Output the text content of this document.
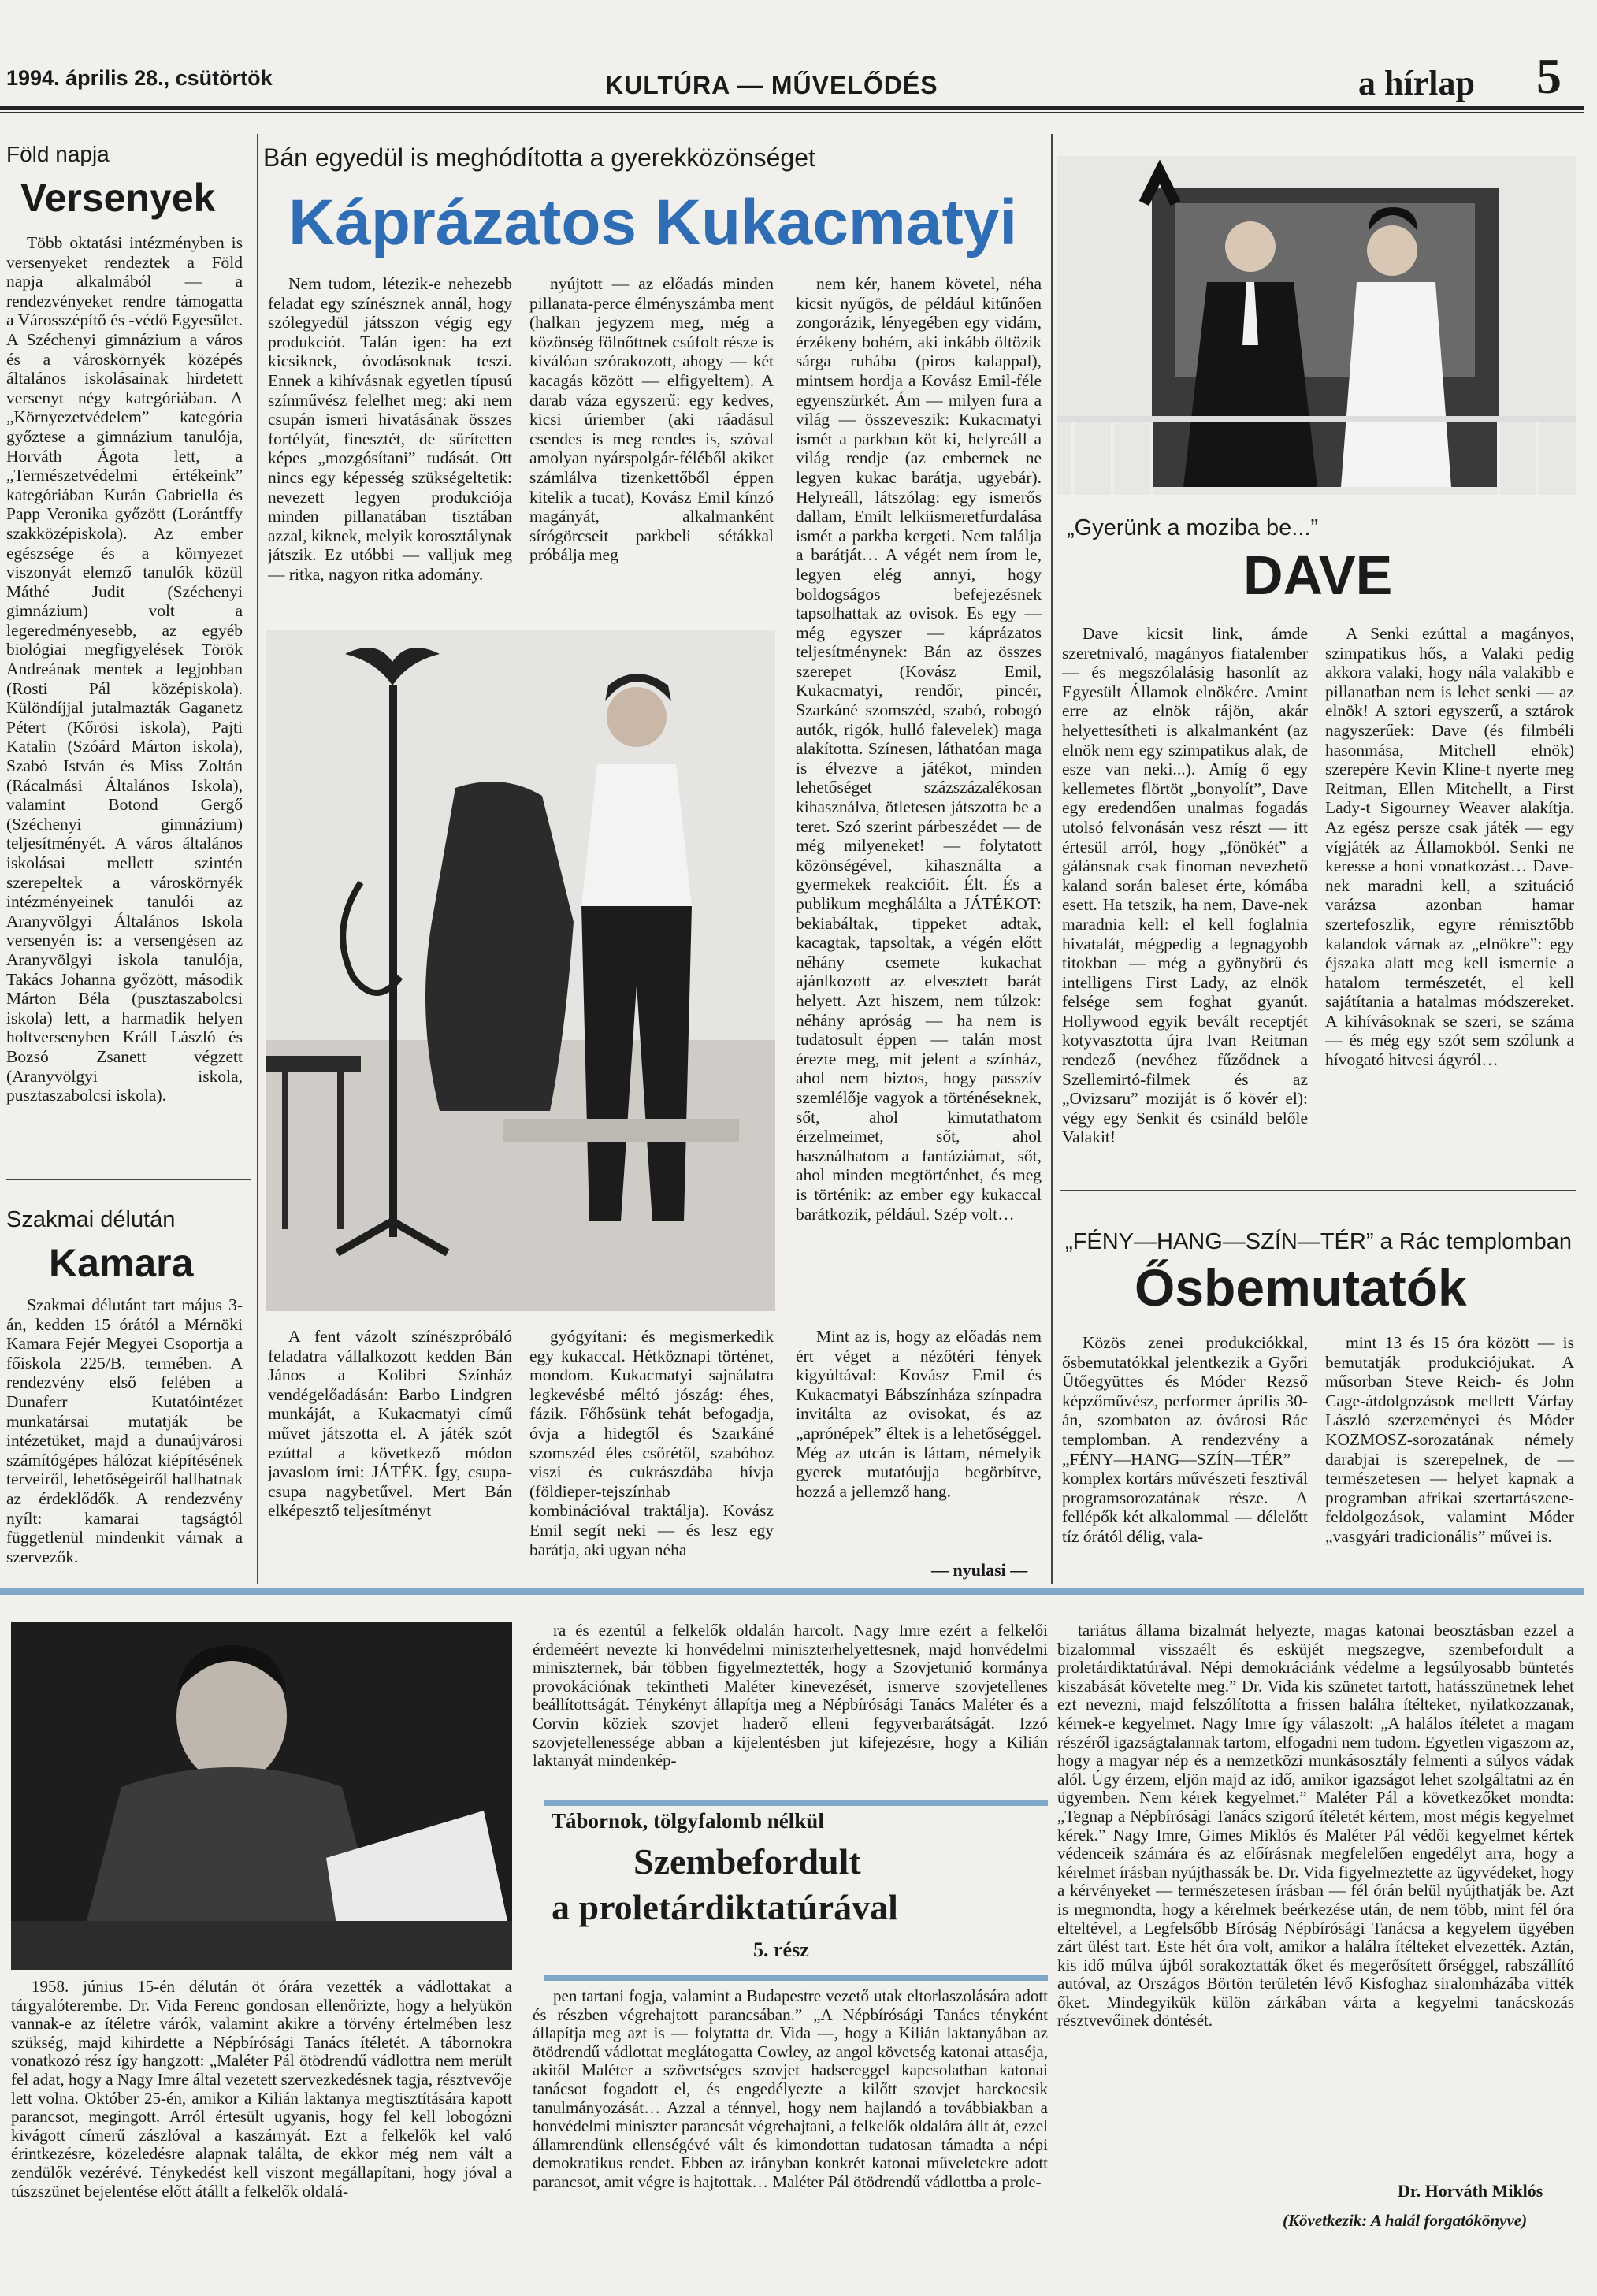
1994. április 28., csütörtök	KULTÚRA — MŰVELŐDÉS	a hírlap 5
Föld napja
Versenyek

Több oktatási intézményben is versenyeket rendeztek a Föld napja alkalmából — a rendezvényeket rendre támogatta a Városszépítő és -védő Egyesület. A Széchenyi gimnázium a város és a városkörnyék középés általános iskolásainak hirdetett versenyt négy kategóriában. A „Környezetvédelem” kategória győztese a gimnázium tanulója, Horváth Ágota lett, a „Természetvédelmi értékeink” kategóriában Kurán Gabriella és Papp Veronika győzött (Lorántffy szakközépiskola). Az ember egészsége és a környezet viszonyát elemző tanulók közül Máthé Judit (Széchenyi gimnázium) volt a legeredményesebb, az egyéb biológiai megfigyelések Török Andreának mentek a legjobban (Rosti Pál középiskola). Különdíjjal jutalmazták Gaganetz Pétert (Kőrösi iskola), Pajti Katalin (Szóárd Márton iskola), Szabó István és Miss Zoltán (Rácalmási Általános Iskola), valamint Botond Gergő (Széchenyi gimnázium) teljesítményét. A város általános iskolásai mellett szintén szerepeltek a városkörnyék intézményeinek tanulói az Aranyvölgyi Általános Iskola versenyén is: a versengésen az Aranyvölgyi iskola tanulója, Takács Johanna győzött, második Márton Béla (pusztaszabolcsi iskola) lett, a harmadik helyen holtversenyben Králl László és Bozsó Zsanett végzett (Aranyvölgyi iskola, pusztaszabolcsi iskola).

Szakmai délután
Kamara

Szakmai délutánt tart május 3-án, kedden 15 órától a Mérnöki Kamara Fejér Megyei Csoportja a főiskola 225/B. termében. A rendezvény első felében a Dunaferr Kutatóintézet munkatársai mutatják be intézetüket, majd a dunaújvárosi számítógépes hálózat kiépítésének terveiről, lehetőségeiről hallhatnak az érdeklődők. A rendezvény nyílt: kamarai tagságtól függetlenül mindenkit várnak a szervezők.

Bán egyedül is meghódította a gyerekközönséget
Káprázatos Kukacmatyi

Nem tudom, létezik-e nehezebb feladat egy színésznek annál, hogy szólegyedül játsszon végig egy produkciót. Talán igen: ha ezt kicsiknek, óvodásoknak teszi. Ennek a kihívásnak egyetlen típusú színművész felelhet meg: aki nem csupán ismeri hivatásának összes fortélyát, finesztét, de sűrítetten képes „mozgósítani” tudását. Ott nincs egy képesség szükségeltetik: nevezett legyen produkciója minden pillanatában tisztában azzal, kiknek, melyik korosztálynak játszik. Ez utóbbi — valljuk meg — ritka, nagyon ritka adomány.

nyújtott — az előadás minden pillanata-perce élményszámba ment (halkan jegyzem meg, még a közönség fölnőttnek csúfolt része is kiválóan szórakozott, ahogy — két kacagás között — elfigyeltem). A darab váza egyszerű: egy kedves, kicsi úriember (aki ráadásul csendes is meg rendes is, szóval amolyan nyárspolgár-féléből akiket számlálva tizenkettőből éppen kitelik a tucat), Kovász Emil kínzó magányát, alkalmanként sírógörcseit parkbeli sétákkal próbálja meg

nem kér, hanem követel, néha kicsit nyűgös, de például kitűnően zongorázik, lényegében egy vidám, érzékeny bohém, aki inkább öltözik sárga ruhába (piros kalappal), mintsem hordja a Kovász Emil-féle egyenszürkét. Ám — milyen fura a világ — összeveszik: Kukacmatyi ismét a parkban köt ki, helyreáll a világ rendje (az embernek ne legyen kukac barátja, ugyebár). Helyreáll, látszólag: egy ismerős dallam, Emilt lelkiismeretfurdalása ismét a parkba kergeti. Nem találja a barátját… A végét nem írom le, legyen elég annyi, hogy boldogságos befejezésnek tapsolhattak az ovisok. Es egy — még egyszer — káprázatos teljesítménynek: Bán az összes szerepet (Kovász Emil, Kukacmatyi, rendőr, pincér, Szarkáné szomszéd, szabó, robogó autók, rigók, hulló falevelek) maga alakította. Színesen, láthatóan maga is élvezve a játékot, minden lehetőséget százszázalékosan kihasználva, ötletesen játszotta be a teret. Szó szerint párbeszédet — de még milyeneket! — folytatott közönségével, kihasználta a gyermekek reakcióit. Élt. És a publikum meghálálta a JÁTÉKOT: bekiabáltak, tippeket adtak, kacagtak, tapsoltak, a végén előtt néhány csemete kukachat ajánlkozott az elvesztett barát helyett. Azt hiszem, nem túlzok: néhány apróság — ha nem is tudatosult éppen — talán most érezte meg, mit jelent a színház, ahol nem biztos, hogy passzív szemlélője vagyok a történéseknek, sőt, ahol kimutathatom érzelmeimet, sőt, ahol használhatom a fantáziámat, sőt, ahol minden megtörténhet, és meg is történik: az ember egy kukaccal barátkozik, például. Szép volt…

A fent vázolt színészpróbáló feladatra vállalkozott kedden Bán János a Kolibri Színház vendégelőadásán: Barbo Lindgren munkáját, a Kukacmatyi című művet játszotta el. A játék szót ezúttal a következő módon javaslom írni: JÁTÉK. Így, csupa-csupa nagybetűvel. Mert Bán elképesztő teljesítményt

gyógyítani: és megismerkedik egy kukaccal. Hétköznapi történet, mondom. Kukacmatyi sajnálatra legkevésbé méltó jószág: éhes, fázik. Főhősünk tehát befogadja, óvja a hidegtől és Szarkáné szomszéd éles csőrétől, szabóhoz viszi és cukrászdába hívja (földieper-tejszínhab kombinációval traktálja). Kovász Emil segít neki — és lesz egy barátja, aki ugyan néha

Mint az is, hogy az előadás nem ért véget a nézőtéri fények kigyúltával: Kovász Emil és Kukacmatyi Bábszínháza színpadra invitálta az ovisokat, és az „aprónépek” éltek is a lehetőséggel. Még az utcán is láttam, némelyik gyerek mutatóujja begörbítve, hozzá a jellemző hang.

— nyulasi —
„Gyerünk a moziba be...”
DAVE

Dave kicsit link, ámde szeretnivaló, magányos fiatalember — és megszólalásig hasonlít az Egyesült Államok elnökére. Amint erre az elnök rájön, akár helyettesítheti is alkalmanként (az elnök nem egy szimpatikus alak, de esze van neki...). Amíg ő egy kellemetes flörtöt „bonyolít”, Dave egy eredendően unalmas fogadás utolsó felvonásán vesz részt — itt értesül arról, hogy „főnökét” a gálánsnak csak finoman nevezhető kaland során baleset érte, kómába esett. Ha tetszik, ha nem, Dave-nek maradnia kell: el kell foglalnia hivatalát, mégpedig a legnagyobb titokban — még a gyönyörű és intelligens First Lady, az elnök felsége sem foghat gyanút. Hollywood egyik bevált receptjét kotyvasztotta újra Ivan Reitman rendező (nevéhez fűződnek a Szellemirtó-filmek és az „Ovizsaru” moziját is ő kövér el): végy egy Senkit és csináld belőle Valakit!

A Senki ezúttal a magányos, szimpatikus hős, a Valaki pedig akkora valaki, hogy nála valakibb e pillanatban nem is lehet senki — az elnök! A sztori egyszerű, a sztárok nagyszerűek: Dave (és filmbéli hasonmása, Mitchell elnök) szerepére Kevin Kline-t nyerte meg Reitman, Ellen Mitchellt, a First Lady-t Sigourney Weaver alakítja. Az egész persze csak játék — egy vígjáték az Államokból. Senki ne keresse a honi vonatkozást… Dave-nek maradni kell, a szituáció varázsa azonban hamar szertefoszlik, egyre rémisztőbb kalandok várnak az „elnökre”: egy éjszaka alatt meg kell ismernie a hatalom természetét, el kell sajátítania a hatalmas módszereket. A kihívásoknak se szeri, se száma — és még egy szót sem szólunk a hívogató hitvesi ágyról…

„FÉNY—HANG—SZÍN—TÉR” a Rác templomban
Ősbemutatók

Közös zenei produkciókkal, ősbemutatókkal jelentkezik a Győri Ütőegyüttes és Móder Rezső képzőművész, performer április 30-án, szombaton az óvárosi Rác templomban. A rendezvény a „FÉNY—HANG—SZÍN—TÉR” komplex kortárs művészeti fesztivál programsorozatának része. A fellépők két alkalommal — délelőtt tíz órától délig, vala-

mint 13 és 15 óra között — is bemutatják produkciójukat. A műsorban Steve Reich- és John Cage-átdolgozások mellett Várfay László szerzeményei és Móder KOZMOSZ-sorozatának némely darabjai is szerepelnek, de — természetesen — helyet kapnak a programban afrikai szertartászene-feldolgozások, valamint Móder „vasgyári tradicionális” művei is.

1958. június 15-én délután öt órára vezették a vádlottakat a tárgyalóterembe. Dr. Vida Ferenc gondosan ellenőrizte, hogy a helyükön vannak-e az ítéletre várók, valamint akikre a törvény értelmében lesz szükség, majd kihirdette a Népbírósági Tanács ítéletét. A tábornokra vonatkozó rész így hangzott: „Maléter Pál ötödrendű vádlottra nem merült fel adat, hogy a Nagy Imre által vezetett szervezkedésnek tagja, résztvevője lett volna. Október 25-én, amikor a Kilián laktanya megtisztítására kapott parancsot, megingott. Arról értesült ugyanis, hogy fel kell lobogózni kivágott címerű zászlóval a kaszárnyát. Ezt a felkelők kel való érintkezésre, közeledésre alapnak találta, de ekkor még nem vált a zendülők vezérévé. Ténykedést kell viszont megállapítani, hogy jóval a túszszünet bejelentése előtt átállt a felkelők oldalá-

ra és ezentúl a felkelők oldalán harcolt. Nagy Imre ezért a felkelői érdeméért nevezte ki honvédelmi miniszterhelyettesnek, majd honvédelmi miniszternek, bár többen figyelmeztették, hogy a Szovjetunió kormánya provokációnak tekintheti Maléter kinevezését, ismerve szovjetellenes beállítottságát. Ténykényt állapítja meg a Népbírósági Tanács Maléter és a Corvin köziek szovjet haderő elleni fegyverbarátságát. Izzó szovjetellenessége abban a kijelentésben jut kifejezésre, hogy a Kilián laktanyát mindenkép-

Tábornok, tölgyfalomb nélkül
Szembefordult
a proletárdiktatúrával
5. rész

pen tartani fogja, valamint a Budapestre vezető utak eltorlaszolására adott és részben végrehajtott parancsában.” „A Népbírósági Tanács tényként állapítja meg azt is — folytatta dr. Vida —, hogy a Kilián laktanyában az ötödrendű vádlottat meglátogatta Cowley, az angol követség katonai attaséja, akitől Maléter a szövetséges szovjet hadsereggel kapcsolatban katonai tanácsot fogadott el, és engedélyezte a kilőtt szovjet harckocsik tanulmányozását… Azzal a ténnyel, hogy nem hajlandó a továbbiakban a honvédelmi miniszter parancsát végrehajtani, a felkelők oldalára állt át, ezzel államrendünk ellenségévé vált és kimondottan tudatosan támadta a népi demokratikus rendet. Ebben az irányban konkrét katonai műveletekre adott parancsot, amit végre is hajtottak… Maléter Pál ötödrendű vádlottba a prole-

tariátus állama bizalmát helyezte, magas katonai beosztásban ezzel a bizalommal visszaélt és esküjét megszegve, szembefordult a proletárdiktatúrával. Népi demokráciánk védelme a legsúlyosabb büntetés kiszabását követelte meg.” Dr. Vida kis szünetet tartott, hatásszünetnek lehet ezt nevezni, majd felszólította a frissen halálra ítélteket, nyilatkozzanak, kérnek-e kegyelmet. Nagy Imre így válaszolt: „A halálos ítéletet a magam részéről igazságtalannak tartom, elfogadni nem tudom. Egyetlen vigaszom az, hogy a magyar nép és a nemzetközi munkásosztály felmenti a súlyos vádak alól. Úgy érzem, eljön majd az idő, amikor igazságot lehet szolgáltatni az én ügyemben. Nem kérek kegyelmet.” Maléter Pál a következőket mondta: „Tegnap a Népbírósági Tanács szigorú ítéletét kértem, most mégis kegyelmet kérek.” Nagy Imre, Gimes Miklós és Maléter Pál védői kegyelmet kértek védenceik számára és az előírásnak megfelelően engedélyt arra, hogy a kérelmet írásban nyújthassák be. Dr. Vida figyelmeztette az ügyvédeket, hogy a kérvényeket — természetesen írásban — fél órán belül nyújthatják be. Azt is megmondta, hogy a kérelmek beérkezése után, de nem több, mint fél óra elteltével, a Legfelsőbb Bíróság Népbírósági Tanácsa a kegyelem ügyében zárt ülést tart. Este hét óra volt, amikor a halálra ítélteket elvezették. Aztán, kis idő múlva újból sorakoztatták őket és megerősített őrséggel, rabszállító autóval, az Országos Börtön területén lévő Kisfoghaz siralomházába vitték őket. Mindegyikük külön zárkában várta a kegyelmi tanácskozás résztvevőinek döntését.

Dr. Horváth Miklós
(Következik: A halál forgatókönyve)
